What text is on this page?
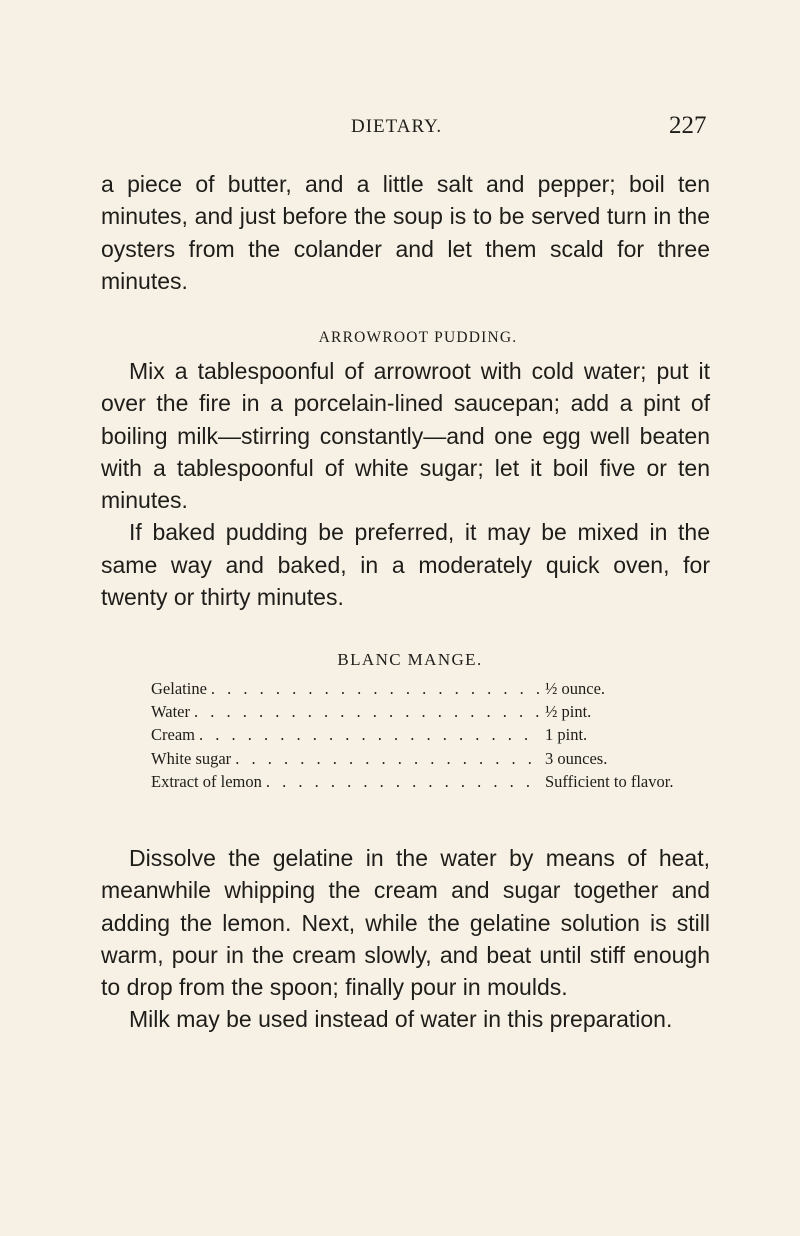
DIETARY.	227

a piece of butter, and a little salt and pepper; boil ten minutes, and just before the soup is to be served turn in the oysters from the colander and let them scald for three minutes.

ARROWROOT PUDDING.

Mix a tablespoonful of arrowroot with cold water; put it over the fire in a porcelain-lined saucepan; add a pint of boiling milk—stirring constantly—and one egg well beaten with a tablespoonful of white sugar; let it boil five or ten minutes.

If baked pudding be preferred, it may be mixed in the same way and baked, in a moderately quick oven, for twenty or thirty minutes.

BLANC MANGE.
Gelatine . . .	½ ounce.
Water . . .	½ pint.
Cream . . .	1 pint.
White sugar . . .	3 ounces.
Extract of lemon . . .	Sufficient to flavor.

Dissolve the gelatine in the water by means of heat, meanwhile whipping the cream and sugar together and adding the lemon. Next, while the gelatine solution is still warm, pour in the cream slowly, and beat until stiff enough to drop from the spoon; finally pour in moulds.

Milk may be used instead of water in this preparation.
